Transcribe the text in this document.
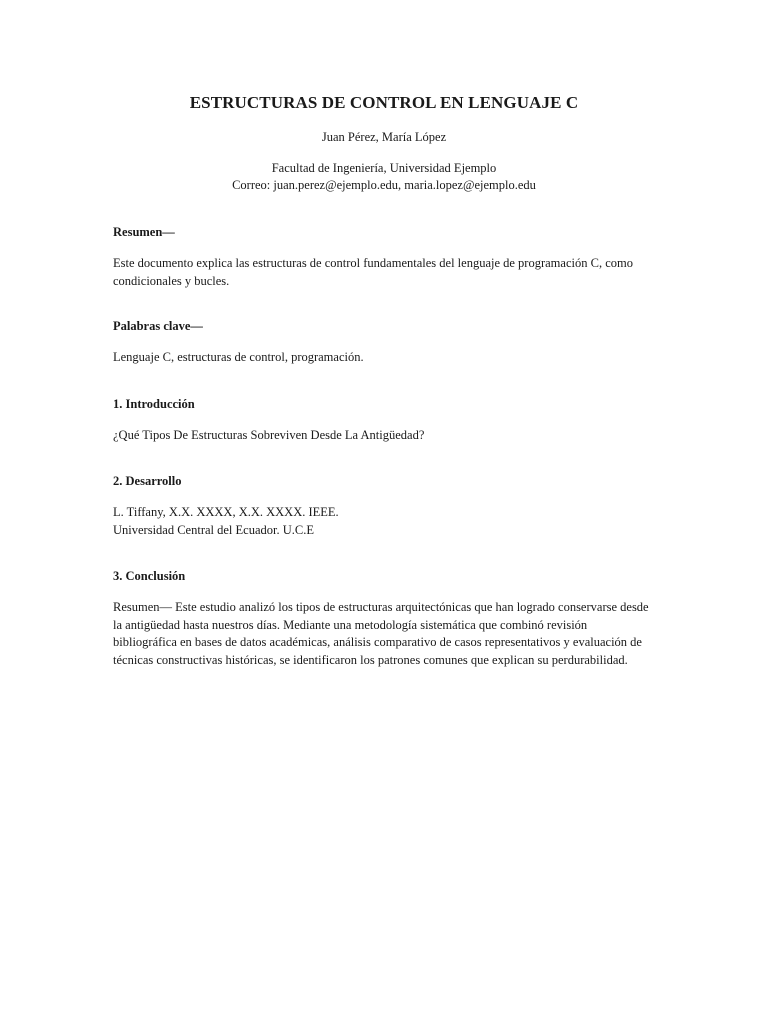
ESTRUCTURAS DE CONTROL EN LENGUAJE C
Juan Pérez, María López
Facultad de Ingeniería, Universidad Ejemplo
Correo: juan.perez@ejemplo.edu, maria.lopez@ejemplo.edu
Resumen—
Este documento explica las estructuras de control fundamentales del lenguaje de programación C, como
condicionales y bucles.
Palabras clave—
Lenguaje C, estructuras de control, programación.
1. Introducción
¿Qué Tipos De Estructuras Sobreviven Desde La Antigüedad?
2. Desarrollo
L. Tiffany, X.X. XXXX, X.X. XXXX. IEEE.
Universidad Central del Ecuador. U.C.E
3. Conclusión
Resumen— Este estudio analizó los tipos de estructuras arquitectónicas que han logrado conservarse desde
la antigüedad hasta nuestros días. Mediante una metodología sistemática que combinó revisión
bibliográfica en bases de datos académicas, análisis comparativo de casos representativos y evaluación de
técnicas constructivas históricas, se identificaron los patrones comunes que explican su perdurabilidad.
